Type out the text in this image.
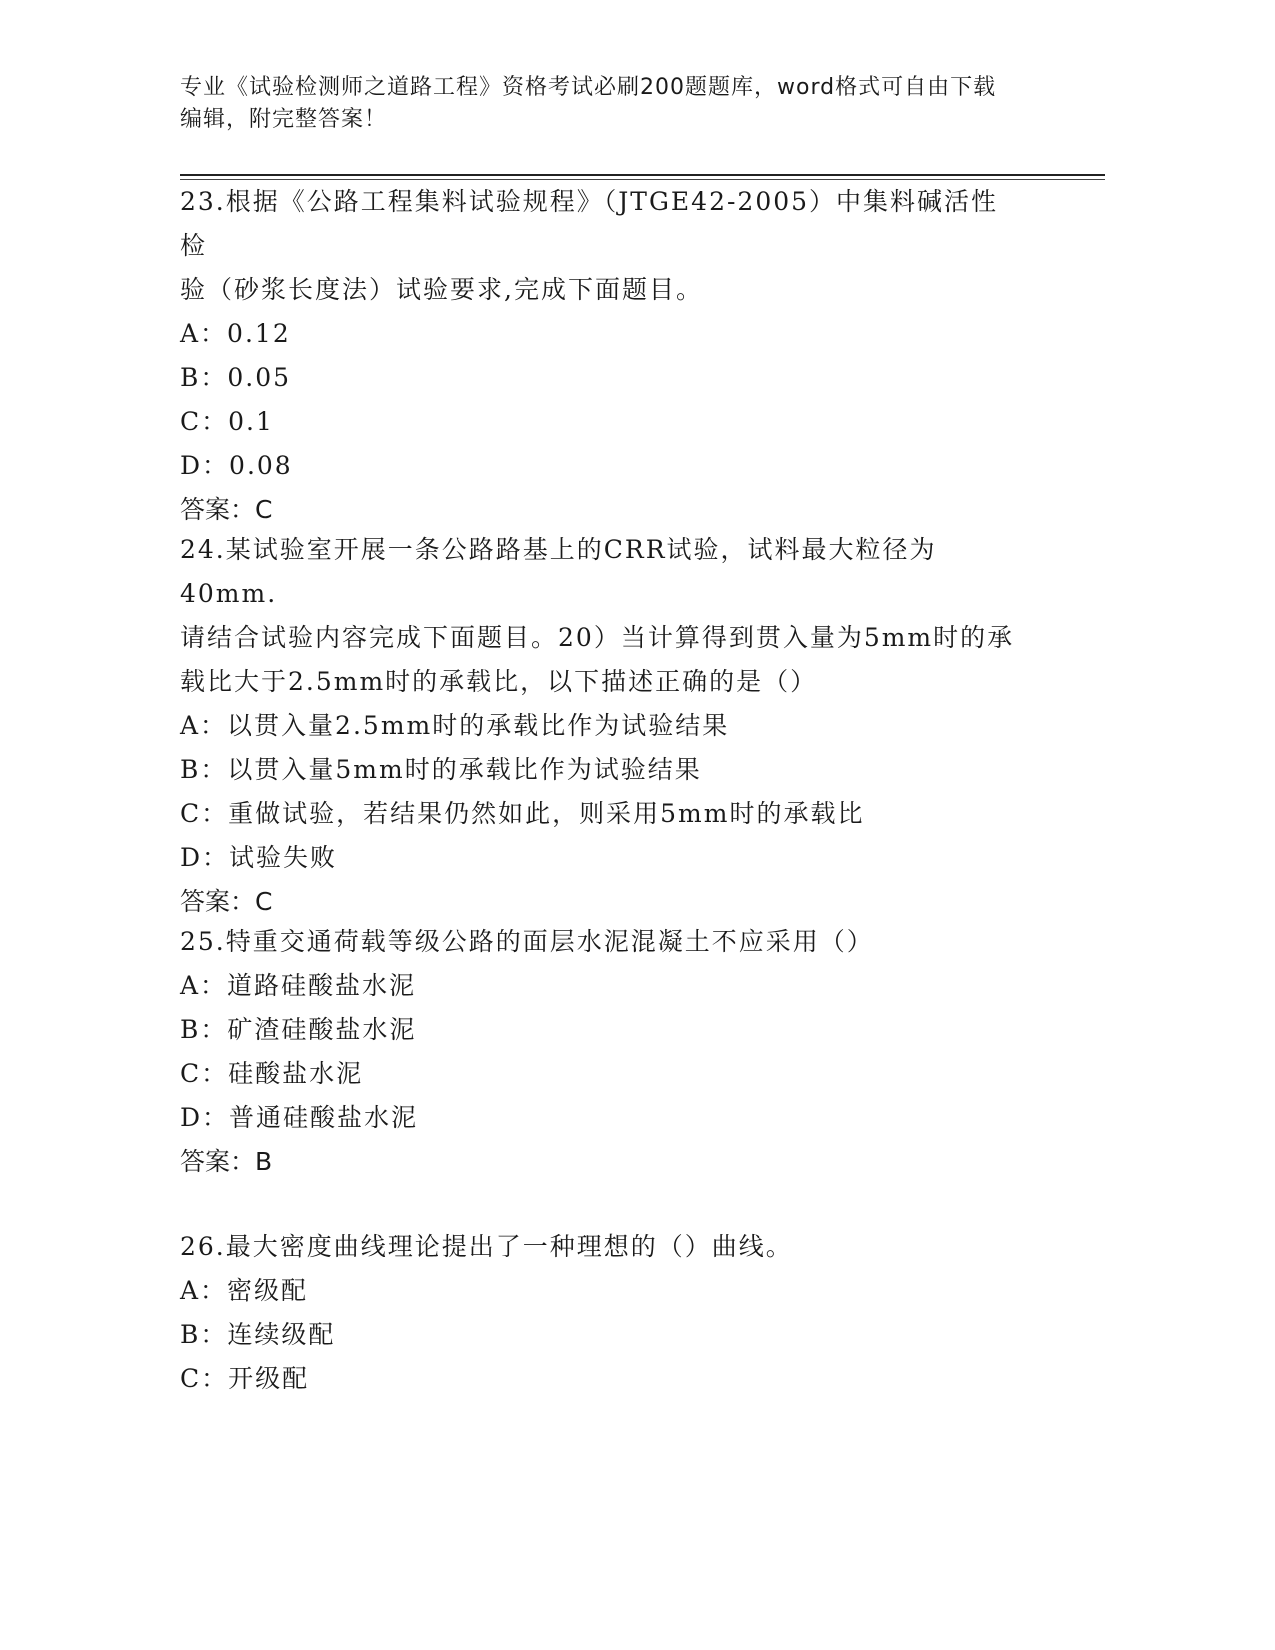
专业《试验检测师之道路工程》资格考试必刷200题题库，word格式可自由下载
编辑，附完整答案！

23.根据《公路工程集料试验规程》（JTGE42-2005）中集料碱活性检

验（砂浆长度法）试验要求,完成下面题目。

A：0.12

B：0.05

C：0.1

D：0.08

答案：C

24.某试验室开展一条公路路基上的CRR试验，试料最大粒径为40mm.

请结合试验内容完成下面题目。20）当计算得到贯入量为5mm时的承

载比大于2.5mm时的承载比，以下描述正确的是（）

A：以贯入量2.5mm时的承载比作为试验结果

B：以贯入量5mm时的承载比作为试验结果

C：重做试验，若结果仍然如此，则采用5mm时的承载比

D：试验失败

答案：C

25.特重交通荷载等级公路的面层水泥混凝土不应采用（）

A：道路硅酸盐水泥

B：矿渣硅酸盐水泥

C：硅酸盐水泥

D：普通硅酸盐水泥

答案：B

26.最大密度曲线理论提出了一种理想的（）曲线。

A：密级配

B：连续级配

C：开级配
